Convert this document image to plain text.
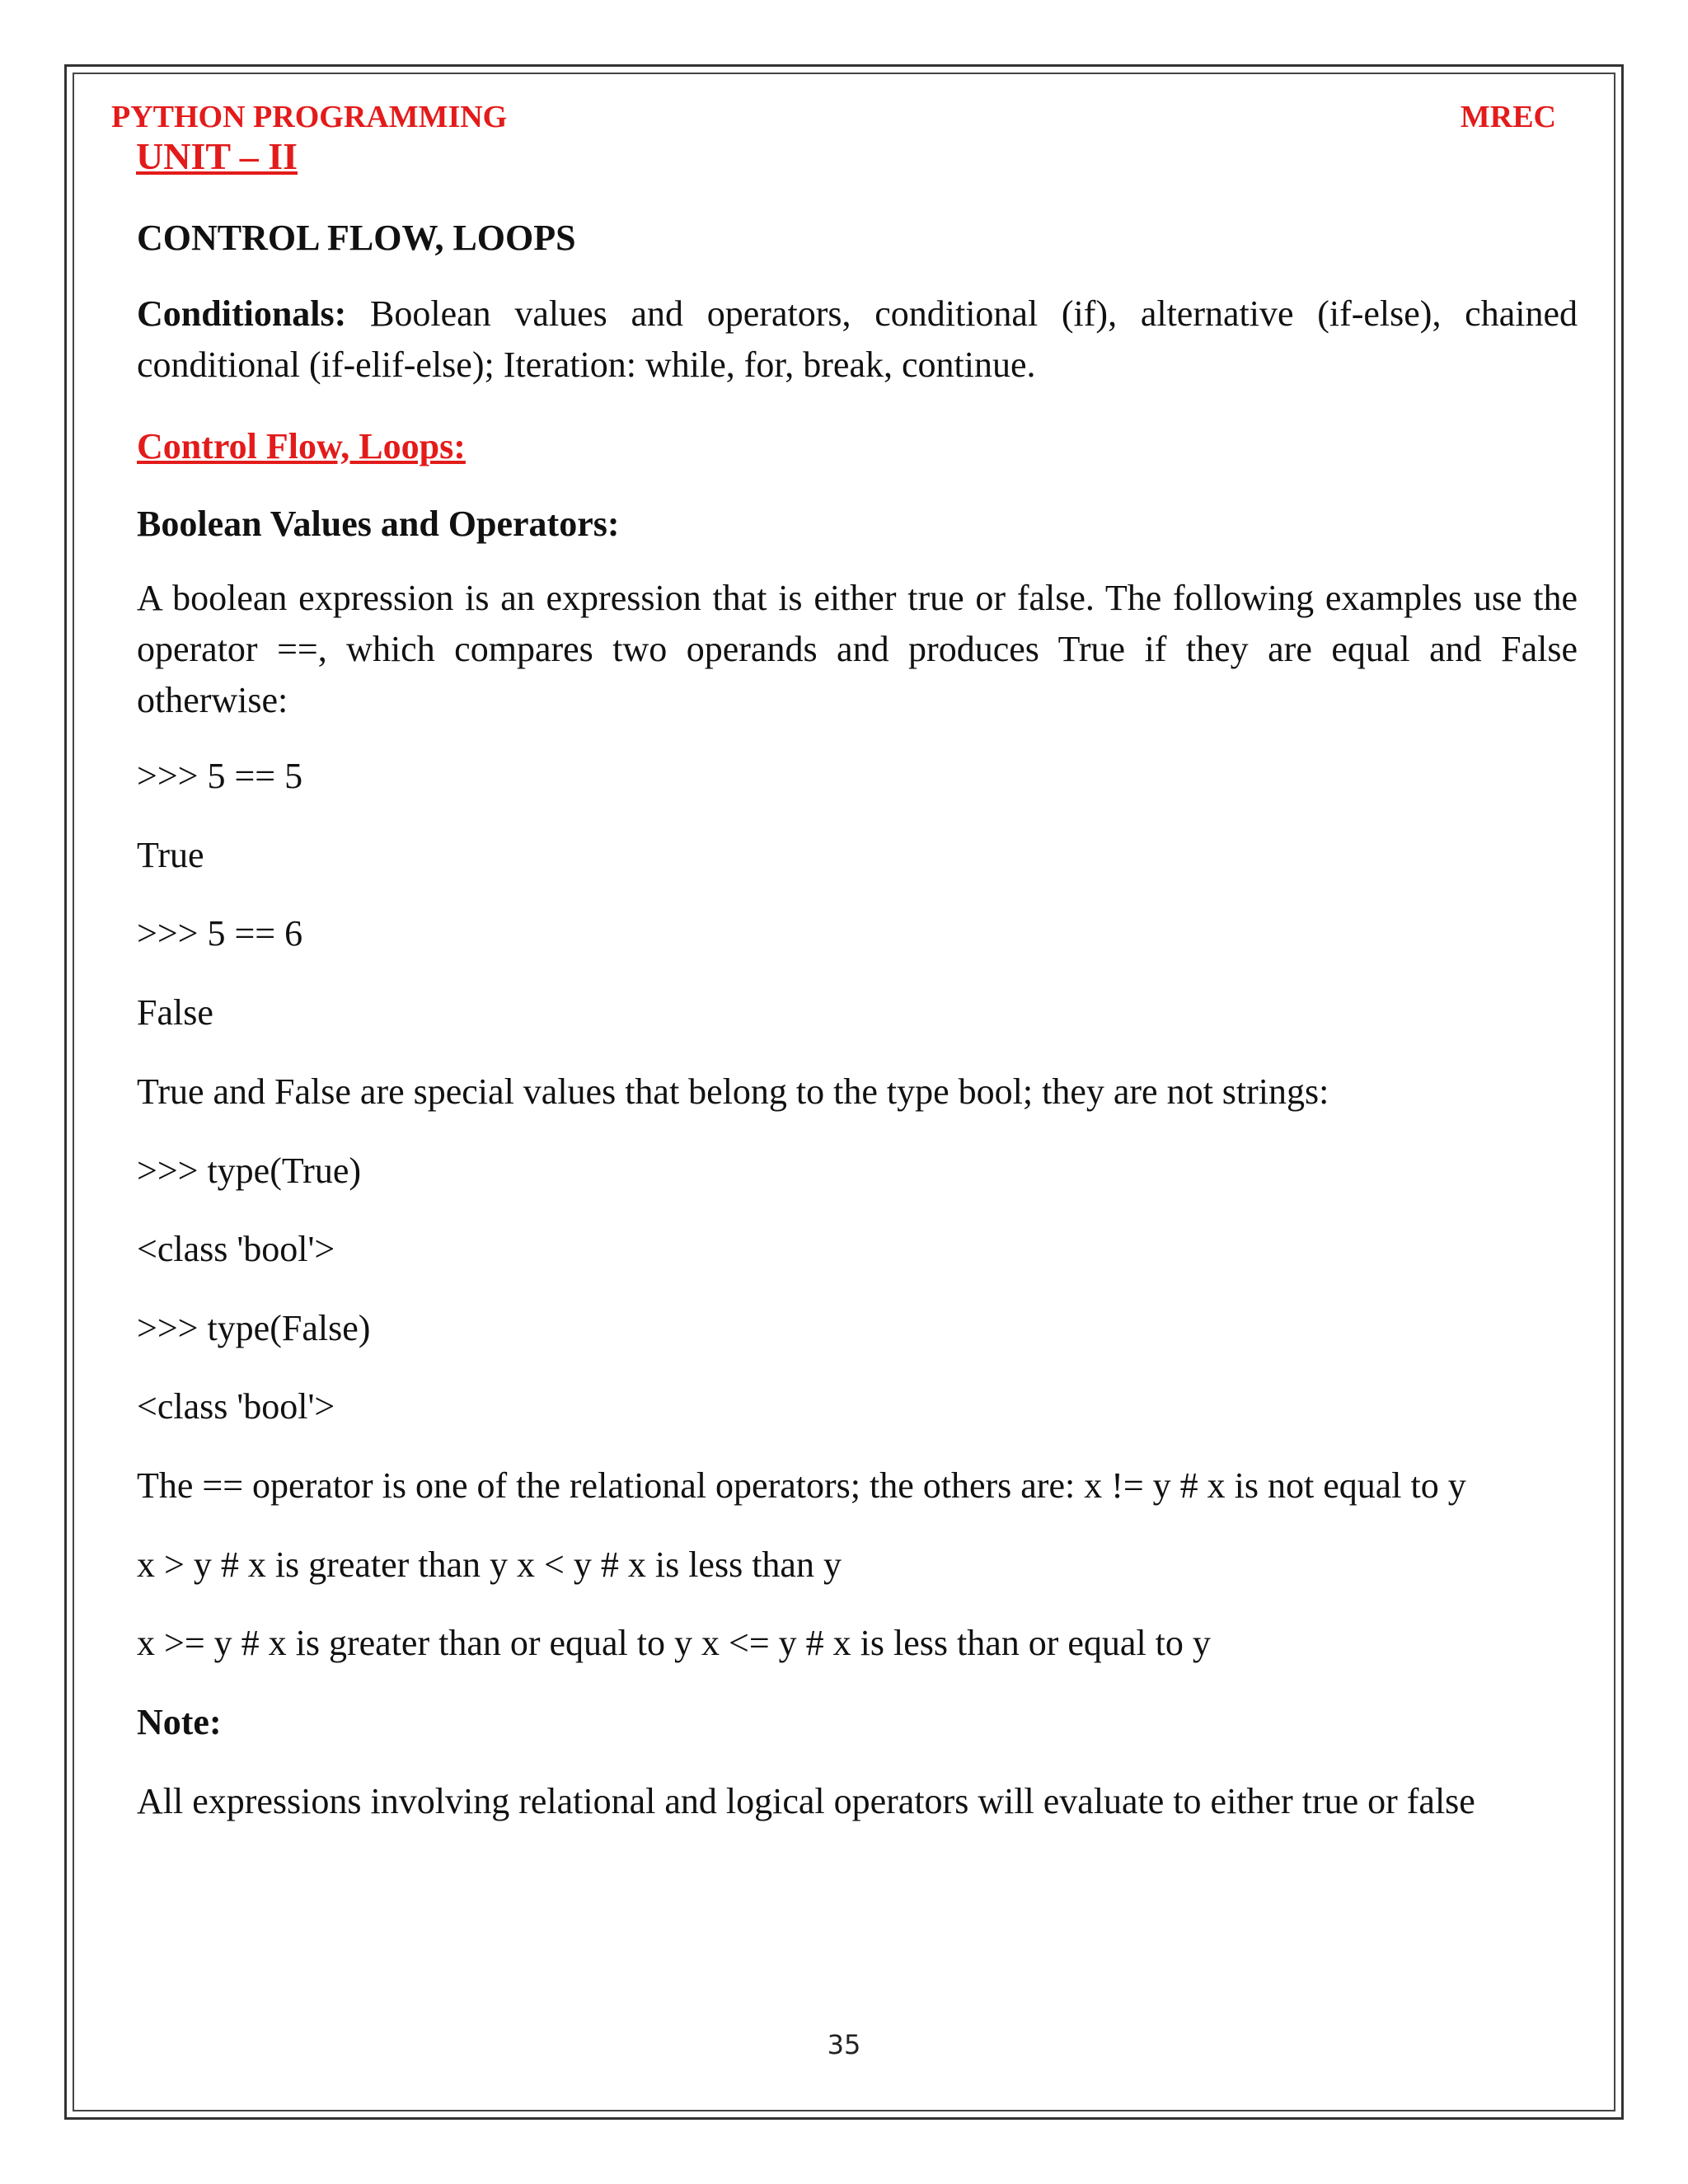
PYTHON PROGRAMMING	MREC
UNIT – II
CONTROL FLOW, LOOPS
Conditionals: Boolean values and operators, conditional (if), alternative (if-else), chained conditional (if-elif-else); Iteration: while, for, break, continue.
Control Flow, Loops:
Boolean Values and Operators:
A boolean expression is an expression that is either true or false. The following examples use the operator ==, which compares two operands and produces True if they are equal and False otherwise:
>>> 5 == 5
True
>>> 5 == 6
False
True and False are special values that belong to the type bool; they are not strings:
>>> type(True)
<class 'bool'>
>>> type(False)
<class 'bool'>
The == operator is one of the relational operators; the others are: x != y # x is not equal to y
x > y # x is greater than y x < y # x is less than y
x >= y # x is greater than or equal to y x <= y # x is less than or equal to y
Note:
All expressions involving relational and logical operators will evaluate to either true or false
35
